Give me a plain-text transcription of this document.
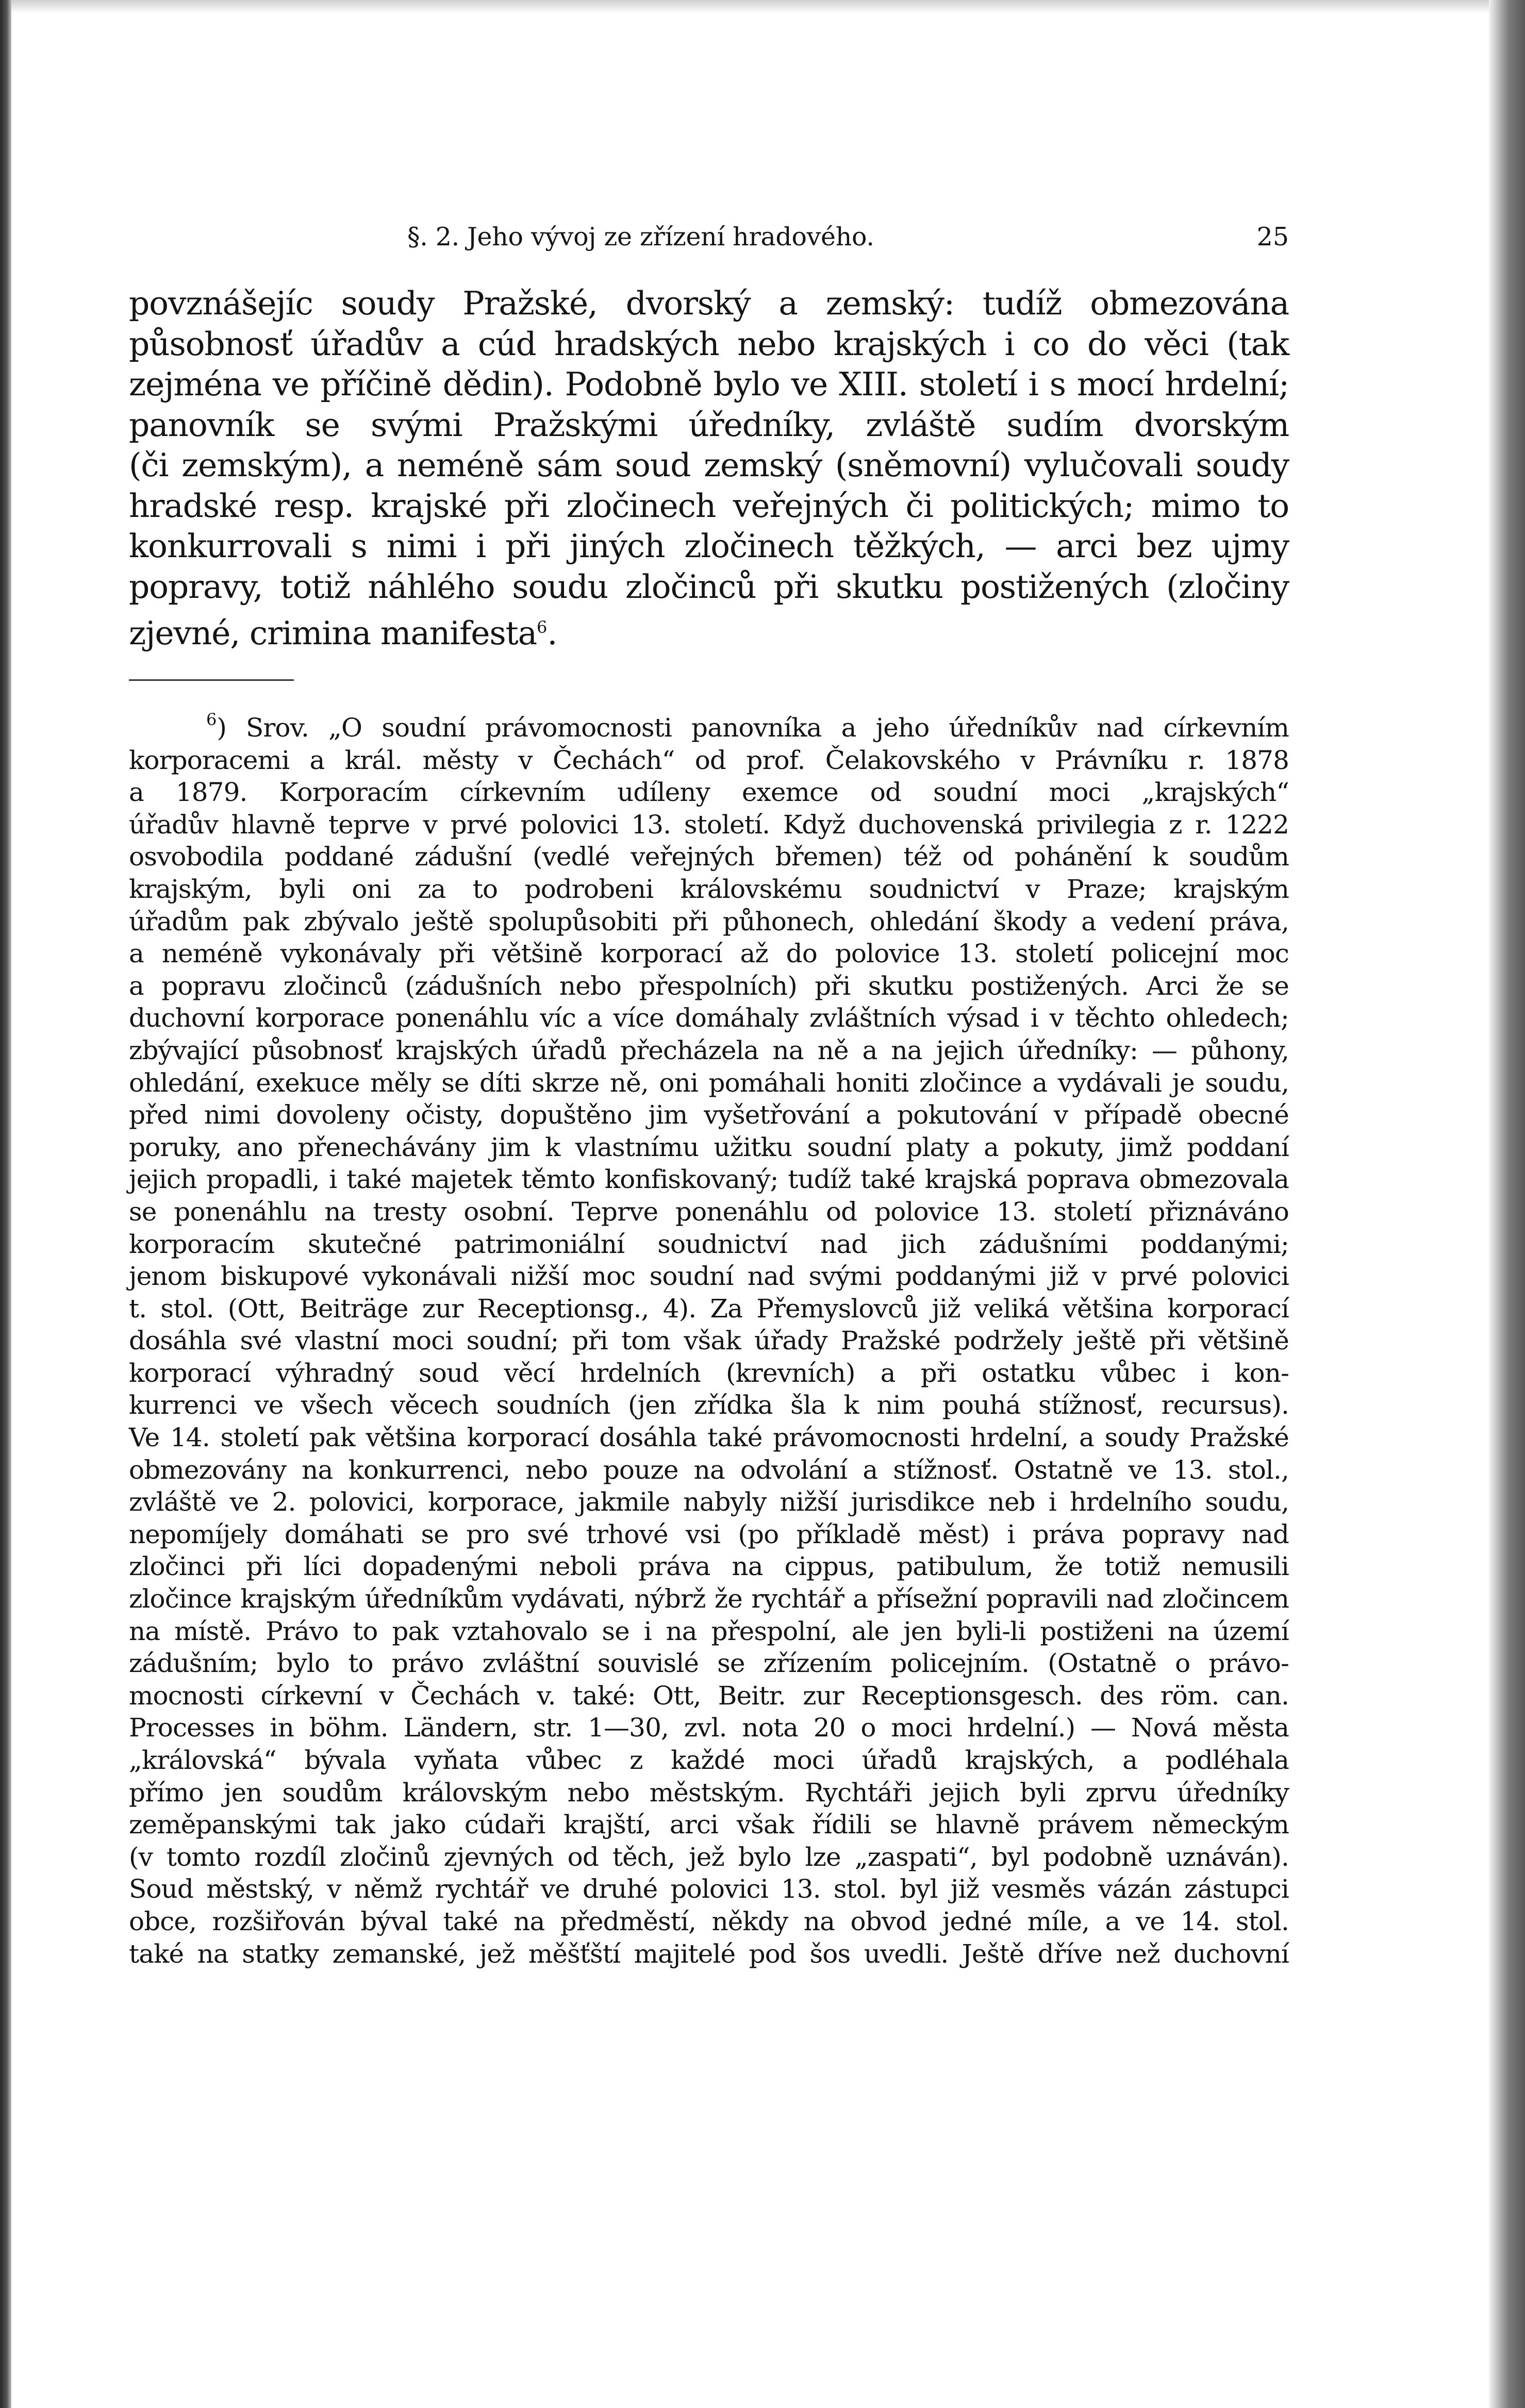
§. 2. Jeho vývoj ze zřízení hradového.	25
povznášejíc soudy Pražské, dvorský a zemský: tudíž obmezována
působnosť úřadův a cúd hradských nebo krajských i co do věci (tak
zejména ve příčině dědin). Podobně bylo ve XIII. století i s mocí hrdelní;
panovník se svými Pražskými úředníky, zvláště sudím dvorským
(či zemským), a neméně sám soud zemský (sněmovní) vylučovali soudy
hradské resp. krajské při zločinech veřejných či politických; mimo to
konkurrovali s nimi i při jiných zločinech těžkých, — arci bez ujmy
popravy, totiž náhlého soudu zločinců při skutku postižených (zločiny
zjevné, crimina manifesta$^6$.
$^6$) Srov. „O soudní právomocnosti panovníka a jeho úředníkův nad církevním
korporacemi a král. městy v Čechách“ od prof. Čelakovského v Právníku r. 1878
a 1879. Korporacím církevním udíleny exemce od soudní moci „krajských“
úřadův hlavně teprve v prvé polovici 13. století. Když duchovenská privilegia z r. 1222
osvobodila poddané zádušní (vedlé veřejných břemen) též od pohánění k soudům
krajským, byli oni za to podrobeni královskému soudnictví v Praze; krajským
úřadům pak zbývalo ještě spolupůsobiti při půhonech, ohledání škody a vedení práva,
a neméně vykonávaly při většině korporací až do polovice 13. století policejní moc
a popravu zločinců (zádušních nebo přespolních) při skutku postižených. Arci že se
duchovní korporace ponenáhlu víc a více domáhaly zvláštních výsad i v těchto ohledech;
zbývající působnosť krajských úřadů přecházela na ně a na jejich úředníky: — půhony,
ohledání, exekuce měly se díti skrze ně, oni pomáhali honiti zločince a vydávali je soudu,
před nimi dovoleny očisty, dopuštěno jim vyšetřování a pokutování v případě obecné
poruky, ano přenechávány jim k vlastnímu užitku soudní platy a pokuty, jimž poddaní
jejich propadli, i také majetek těmto konfiskovaný; tudíž také krajská poprava obmezovala
se ponenáhlu na tresty osobní. Teprve ponenáhlu od polovice 13. století přiznáváno
korporacím skutečné patrimoniální soudnictví nad jich zádušními poddanými;
jenom biskupové vykonávali nižší moc soudní nad svými poddanými již v prvé polovici
t. stol. (Ott, Beiträge zur Receptionsg., 4). Za Přemyslovců již veliká většina korporací
dosáhla své vlastní moci soudní; při tom však úřady Pražské podržely ještě při většině
korporací výhradný soud věcí hrdelních (krevních) a při ostatku vůbec i kon-
kurrenci ve všech věcech soudních (jen zřídka šla k nim pouhá stížnosť, recursus).
Ve 14. století pak většina korporací dosáhla také právomocnosti hrdelní, a soudy Pražské
obmezovány na konkurrenci, nebo pouze na odvolání a stížnosť. Ostatně ve 13. stol.,
zvláště ve 2. polovici, korporace, jakmile nabyly nižší jurisdikce neb i hrdelního soudu,
nepomíjely domáhati se pro své trhové vsi (po příkladě měst) i práva popravy nad
zločinci při líci dopadenými neboli práva na cippus, patibulum, že totiž nemusili
zločince krajským úředníkům vydávati, nýbrž že rychtář a přísežní popravili nad zločincem
na místě. Právo to pak vztahovalo se i na přespolní, ale jen byli-li postiženi na území
zádušním; bylo to právo zvláštní souvislé se zřízením policejním. (Ostatně o právo-
mocnosti církevní v Čechách v. také: Ott, Beitr. zur Receptionsgesch. des röm. can.
Processes in böhm. Ländern, str. 1—30, zvl. nota 20 o moci hrdelní.) — Nová města
„královská“ bývala vyňata vůbec z každé moci úřadů krajských, a podléhala
přímo jen soudům královským nebo městským. Rychtáři jejich byli zprvu úředníky
zeměpanskými tak jako cúdaři krajští, arci však řídili se hlavně právem německým
(v tomto rozdíl zločinů zjevných od těch, jež bylo lze „zaspati“, byl podobně uznáván).
Soud městský, v němž rychtář ve druhé polovici 13. stol. byl již vesměs vázán zástupci
obce, rozšiřován býval také na předměstí, někdy na obvod jedné míle, a ve 14. stol.
také na statky zemanské, jež měšťští majitelé pod šos uvedli. Ještě dříve než duchovní
